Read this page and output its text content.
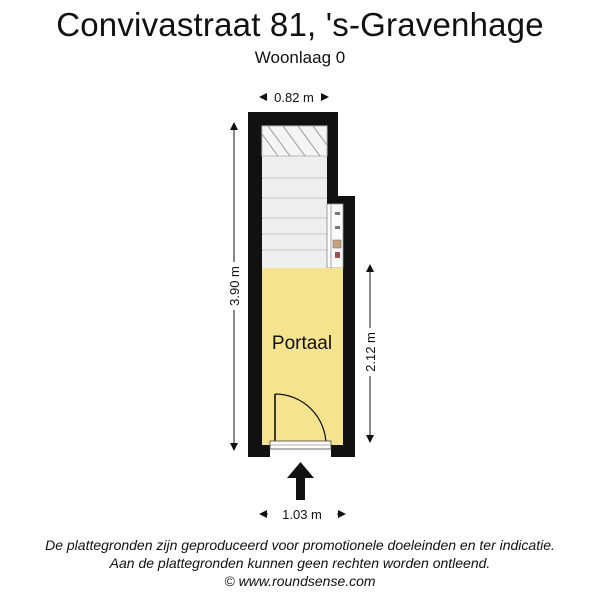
Convivastraat 81, 's-Gravenhage
Woonlaag 0
Portaal
0.82 m
3.90 m
2.12 m
1.03 m
De plattegronden zijn geproduceerd voor promotionele doeleinden en ter indicatie.
Aan de plattegronden kunnen geen rechten worden ontleend.
© www.roundsense.com
